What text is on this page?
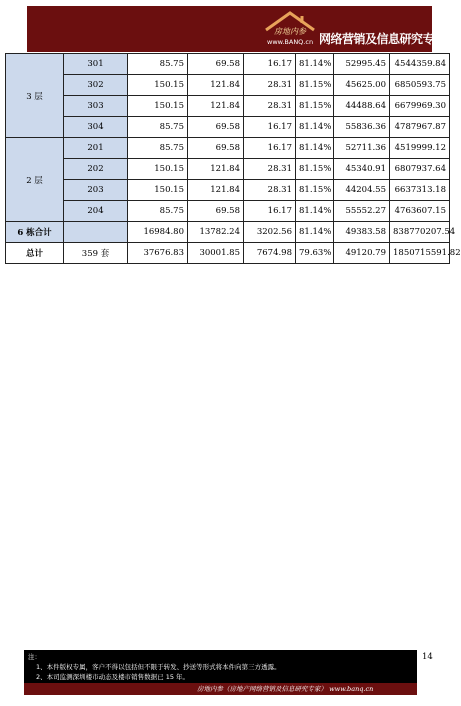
房地内参
www.BANQ.cn 网络营销及信息研究专家
3 层	301	85.75	69.58	16.17	81.14%	52995.45	4544359.84
	302	150.15	121.84	28.31	81.15%	45625.00	6850593.75
	303	150.15	121.84	28.31	81.15%	44488.64	6679969.30
	304	85.75	69.58	16.17	81.14%	55836.36	4787967.87
2 层	201	85.75	69.58	16.17	81.14%	52711.36	4519999.12
	202	150.15	121.84	28.31	81.15%	45340.91	6807937.64
	203	150.15	121.84	28.31	81.15%	44204.55	6637313.18
	204	85.75	69.58	16.17	81.14%	55552.27	4763607.15
6 栋合计		16984.80	13782.24	3202.56	81.14%	49383.58	838770207.54
总计	359 套	37676.83	30001.85	7674.98	79.63%	49120.79	1850715591.82
14
注：
1、本件版权专属，客户不得以包括但不限于转发、抄送等形式将本件向第三方透露。
2、本司监测深圳楼市动态及楼市销售数据已 15 年。
房地内参（房地产网络营销及信息研究专家） www.banq.cn
